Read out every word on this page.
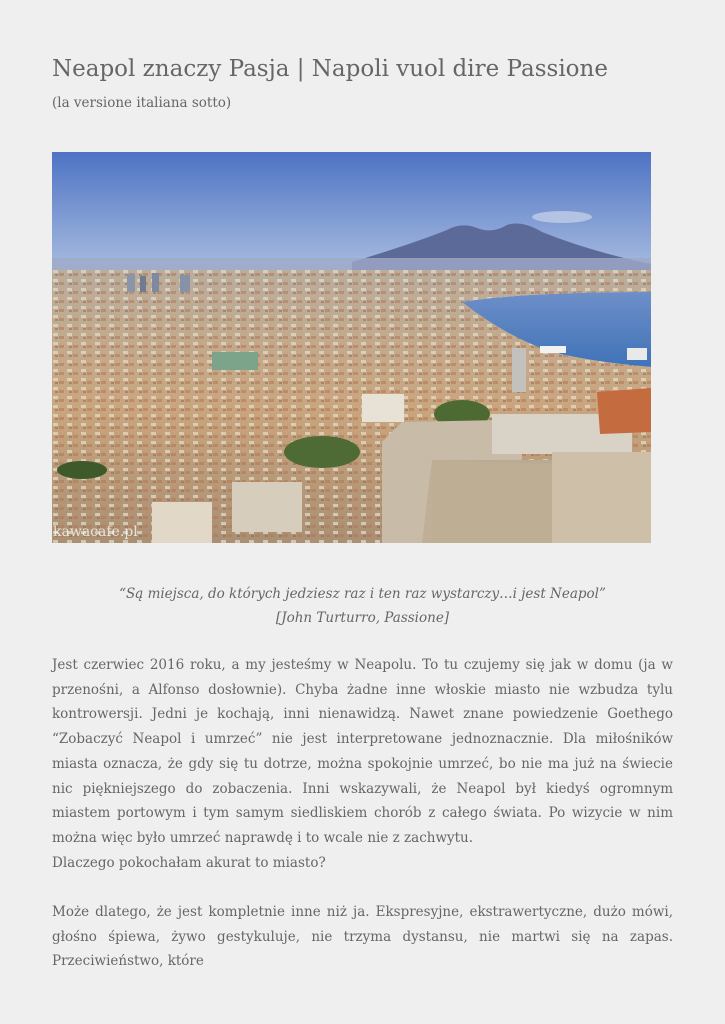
Neapol znaczy Pasja | Napoli vuol dire Passione

(la versione italiana sotto)

kawacafe.pl
“Są miejsca, do których jedziesz raz i ten raz wystarczy…i jest Neapol”
[John Turturro, Passione]

Jest czerwiec 2016 roku, a my jesteśmy w Neapolu. To tu czujemy się jak w domu (ja w przenośni, a Alfonso dosłownie). Chyba żadne inne włoskie miasto nie wzbudza tylu kontrowersji. Jedni je kochają, inni nienawidzą. Nawet znane powiedzenie Goethego “Zobaczyć Neapol i umrzeć” nie jest interpretowane jednoznacznie. Dla miłośników miasta oznacza, że gdy się tu dotrze, można spokojnie umrzeć, bo nie ma już na świecie nic piękniejszego do zobaczenia. Inni wskazywali, że Neapol był kiedyś ogromnym miastem portowym i tym samym siedliskiem chorób z całego świata. Po wizycie w nim można więc było umrzeć naprawdę i to wcale nie z zachwytu.

Dlaczego pokochałam akurat to miasto?

Może dlatego, że jest kompletnie inne niż ja. Ekspresyjne, ekstrawertyczne, dużo mówi, głośno śpiewa, żywo gestykuluje, nie trzyma dystansu, nie martwi się na zapas. Przeciwieństwo, które
